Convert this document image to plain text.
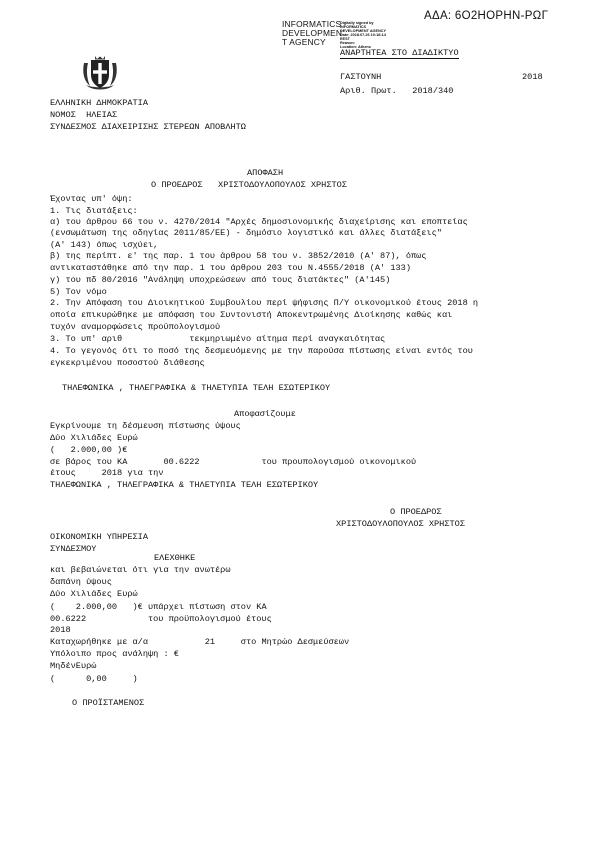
ΑΔΑ: 6Ο2ΗΟΡΗΝ-ΡΩΓ
INFORMATICS
DEVELOPMEN
T AGENCY
Digitally signed by
INFORMATICS
DEVELOPMENT AGENCY
Date: 2018.07.26 10:18:14
EEST
Reason:
Location: Athens
ΑΝΑΡΤΗΤΕΑ ΣΤΟ ΔΙΑΔΙΚΤΥΟ
ΓΑΣΤΟΥΝΗ	2018
Αριθ. Πρωτ.   2018/340
ΕΛΛΗΝΙΚΗ ΔΗΜΟΚΡΑΤΙΑ
ΝΟΜΟΣ  ΗΛΕΙΑΣ
ΣΥΝΔΕΣΜΟΣ ΔΙΑΧΕΙΡΙΣΗΣ ΣΤΕΡΕΩΝ ΑΠΟΒΛΗΤΩ
ΑΠΟΦΑΣΗ
Ο ΠΡΟΕΔΡΟΣ   ΧΡΙΣΤΟΔΟΥΛΟΠΟΥΛΟΣ ΧΡΗΣΤΟΣ
Έχοντας υπ' όψη:
1. Τις διατάξεις:
α) του άρθρου 66 του ν. 4270/2014 "Αρχές δημοσιονομικής διαχείρισης και εποπτείας
(ενσωμάτωση της οδηγίας 2011/85/ΕΕ) - δημόσιο λογιστικό και άλλες διατάξεις"
(Α' 143) όπως ισχύει,
β) της περίπτ. ε' της παρ. 1 του άρθρου 58 του ν. 3852/2010 (Α' 87), όπως
αντικαταστάθηκε από την παρ. 1 του άρθρου 203 του Ν.4555/2018 (Α' 133)
γ) του πδ 80/2016 "Ανάληψη υποχρεώσεων από τους διατάκτες" (Α'145)
5) Τον νόμο
2. Την Απόφαση του Διοικητικού Συμβουλίου περί ψήφισης Π/Υ οικονομικού έτους 2018 η
οποία επικυρώθηκε με απόφαση του Συντονιστή Αποκεντρωμένης Διοίκησης καθώς και
τυχόν αναμορφώσεις προϋπολογισμού
3. Το υπ' αριθ             τεκμηριωμένο αίτημα περί αναγκαιότητας
4. Το γεγονός ότι το ποσό της δεσμευόμενης με την παρούσα πίστωσης είναι εντός του
εγκεκριμένου ποσοστού διάθεσης
ΤΗΛΕΦΩΝΙΚΑ , ΤΗΛΕΓΡΑΦΙΚΑ & ΤΗΛΕΤΥΠΙΑ ΤΕΛΗ ΕΣΩΤΕΡΙΚΟΥ
Αποφασίζουμε
Εγκρίνουμε τη δέσμευση πίστωσης ύψους
Δύο Χιλιάδες Ευρώ
(   2.000,00 )€
σε βάρος του ΚΑ       00.6222            του προυπολογισμού οικονομικού
έτους     2018 για την
ΤΗΛΕΦΩΝΙΚΑ , ΤΗΛΕΓΡΑΦΙΚΑ & ΤΗΛΕΤΥΠΙΑ ΤΕΛΗ ΕΣΩΤΕΡΙΚΟΥ
Ο ΠΡΟΕΔΡΟΣ
ΧΡΙΣΤΟΔΟΥΛΟΠΟΥΛΟΣ ΧΡΗΣΤΟΣ
ΟΙΚΟΝΟΜΙΚΗ ΥΠΗΡΕΣΙΑ
ΣΥΝΔΕΣΜΟΥ
ΕΛΕΧΘΗΚΕ
και βεβαιώνεται ότι για την ανωτέρω
δαπάνη ύψους
Δύο Χιλιάδες Ευρώ
(    2.000,00   )€ υπάρχει πίστωση στον ΚΑ
00.6222            του προϋπολογισμού έτους
2018
Καταχωρήθηκε με α/α           21     στο Μητρώο Δεσμεύσεων
Υπόλοιπο προς ανάληψη : €
ΜηδένΕυρώ
(      0,00     )
Ο ΠΡΟΪΣΤΑΜΕΝΟΣ
